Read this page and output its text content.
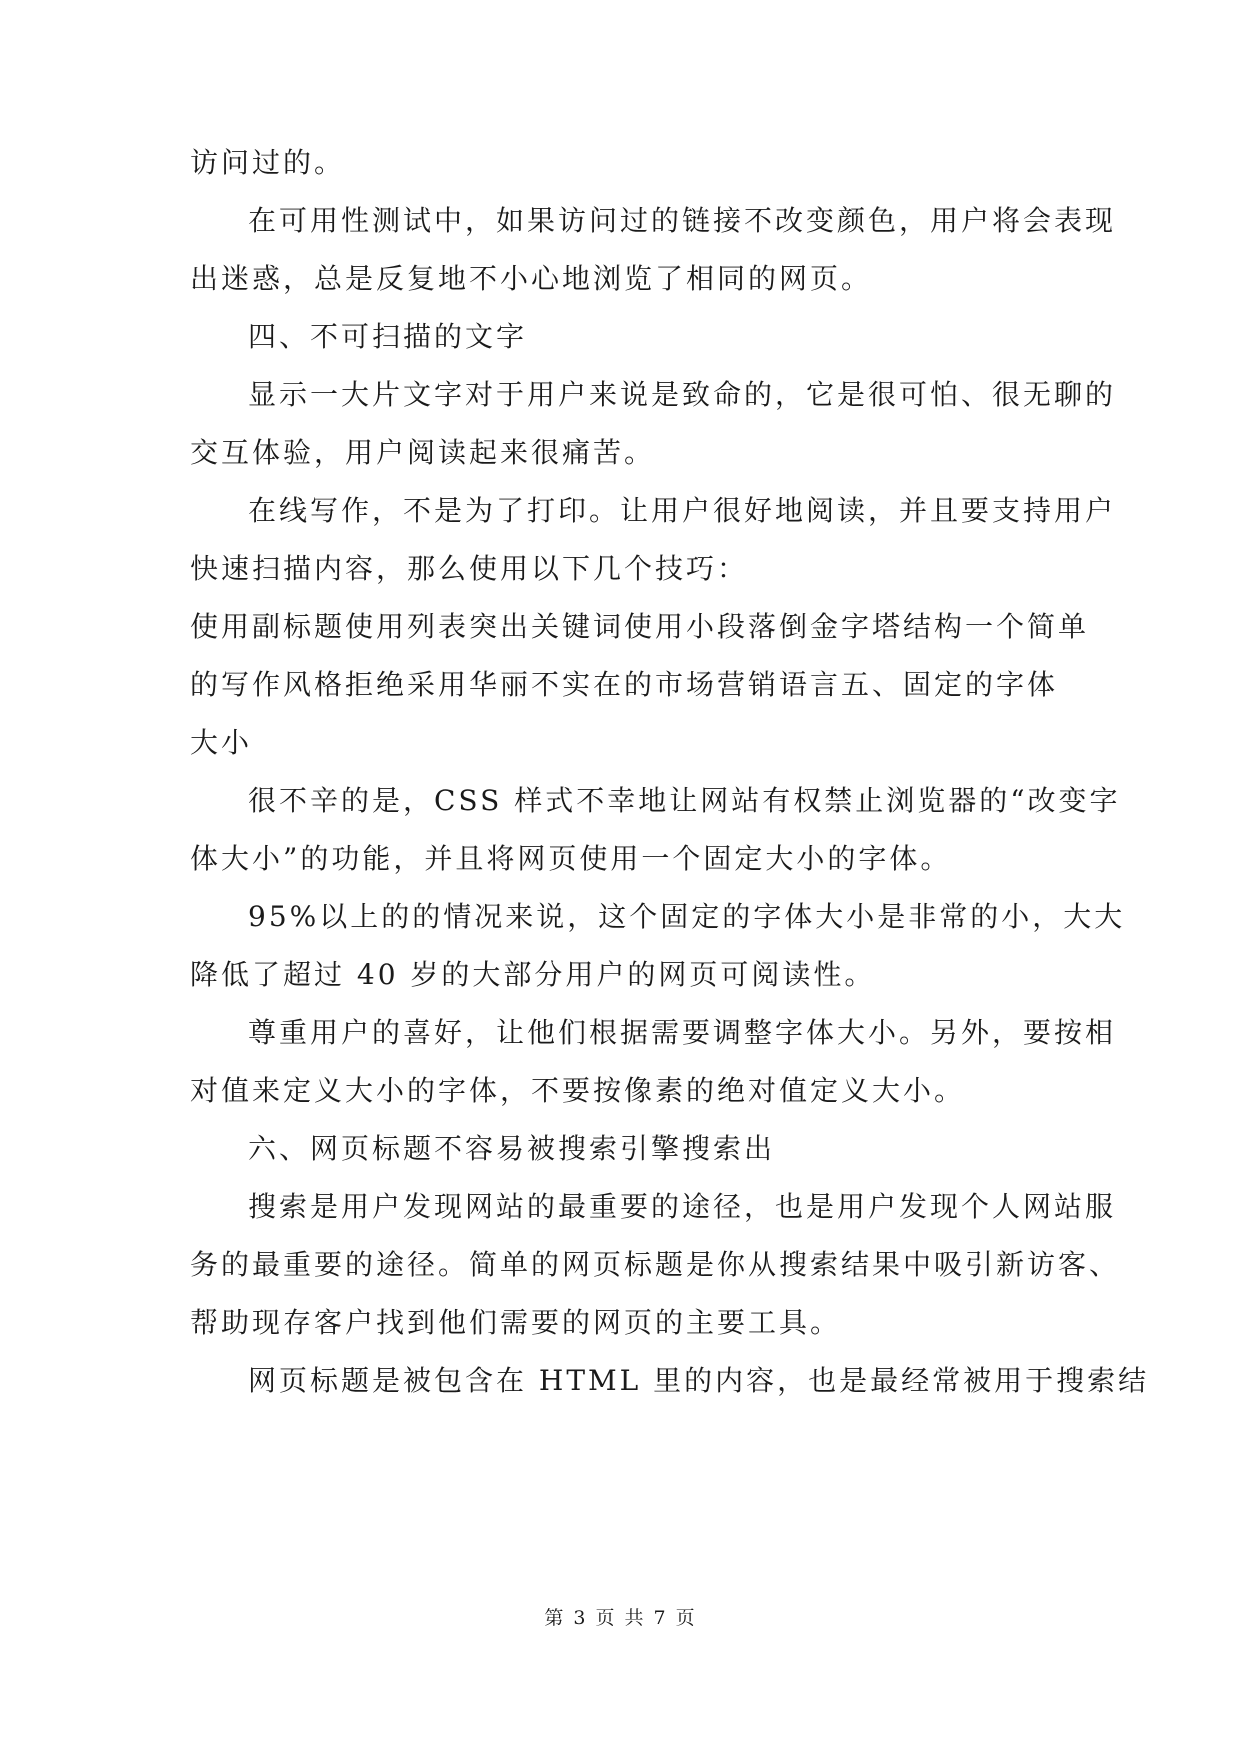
访问过的。
在可用性测试中，如果访问过的链接不改变颜色，用户将会表现
出迷惑，总是反复地不小心地浏览了相同的网页。
四、不可扫描的文字
显示一大片文字对于用户来说是致命的，它是很可怕、很无聊的
交互体验，用户阅读起来很痛苦。
在线写作，不是为了打印。让用户很好地阅读，并且要支持用户
快速扫描内容，那么使用以下几个技巧：
使用副标题使用列表突出关键词使用小段落倒金字塔结构一个简单
的写作风格拒绝采用华丽不实在的市场营销语言 五、固定的字体
大小
很不辛的是，CSS 样式不幸地让网站有权禁止浏览器的“改变字
体大小”的功能，并且将网页使用一个固定大小的字体。
95%以上的的情况来说，这个固定的字体大小是非常的小，大大
降低了超过 40 岁的大部分用户的网页可阅读性。
尊重用户的喜好，让他们根据需要调整字体大小。另外，要按相
对值来定义大小的字体，不要按像素的绝对值定义大小。
六、网页标题不容易被搜索引擎搜索出
搜索是用户发现网站的最重要的途径，也是用户发现个人网站服
务的最重要的途径。简单的网页标题是你从搜索结果中吸引新访客、
帮助现存客户找到他们需要的网页的主要工具。
网页标题是被包含在 HTML 里的内容，也是最经常被用于搜索结
第 3 页 共 7 页
